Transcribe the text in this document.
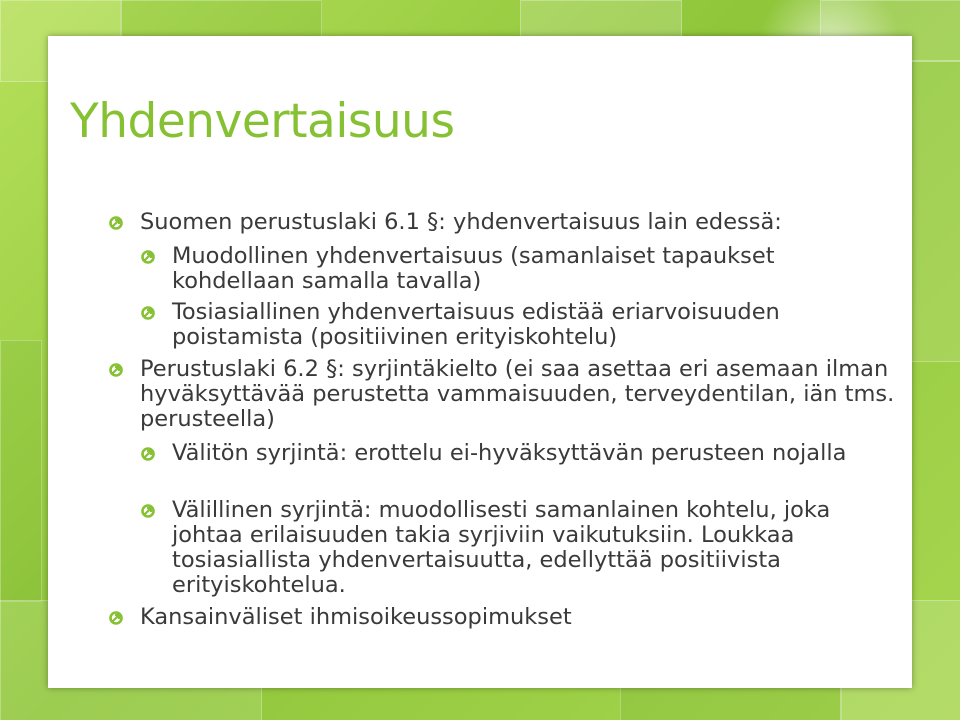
Yhdenvertaisuus

Suomen perustuslaki 6.1 §: yhdenvertaisuus lain edessä:

Muodollinen yhdenvertaisuus (samanlaiset tapaukset kohdellaan samalla tavalla)

Tosiasiallinen yhdenvertaisuus edistää eriarvoisuuden poistamista (positiivinen erityiskohtelu)

Perustuslaki 6.2 §: syrjintäkielto (ei saa asettaa eri asemaan ilman hyväksyttävää perustetta vammaisuuden, terveydentilan, iän tms. perusteella)

Välitön syrjintä: erottelu ei-hyväksyttävän perusteen nojalla

Välillinen syrjintä: muodollisesti samanlainen kohtelu, joka johtaa erilaisuuden takia syrjiviin vaikutuksiin. Loukkaa tosiasiallista yhdenvertaisuutta, edellyttää positiivista erityiskohtelua.

Kansainväliset ihmisoikeussopimukset
